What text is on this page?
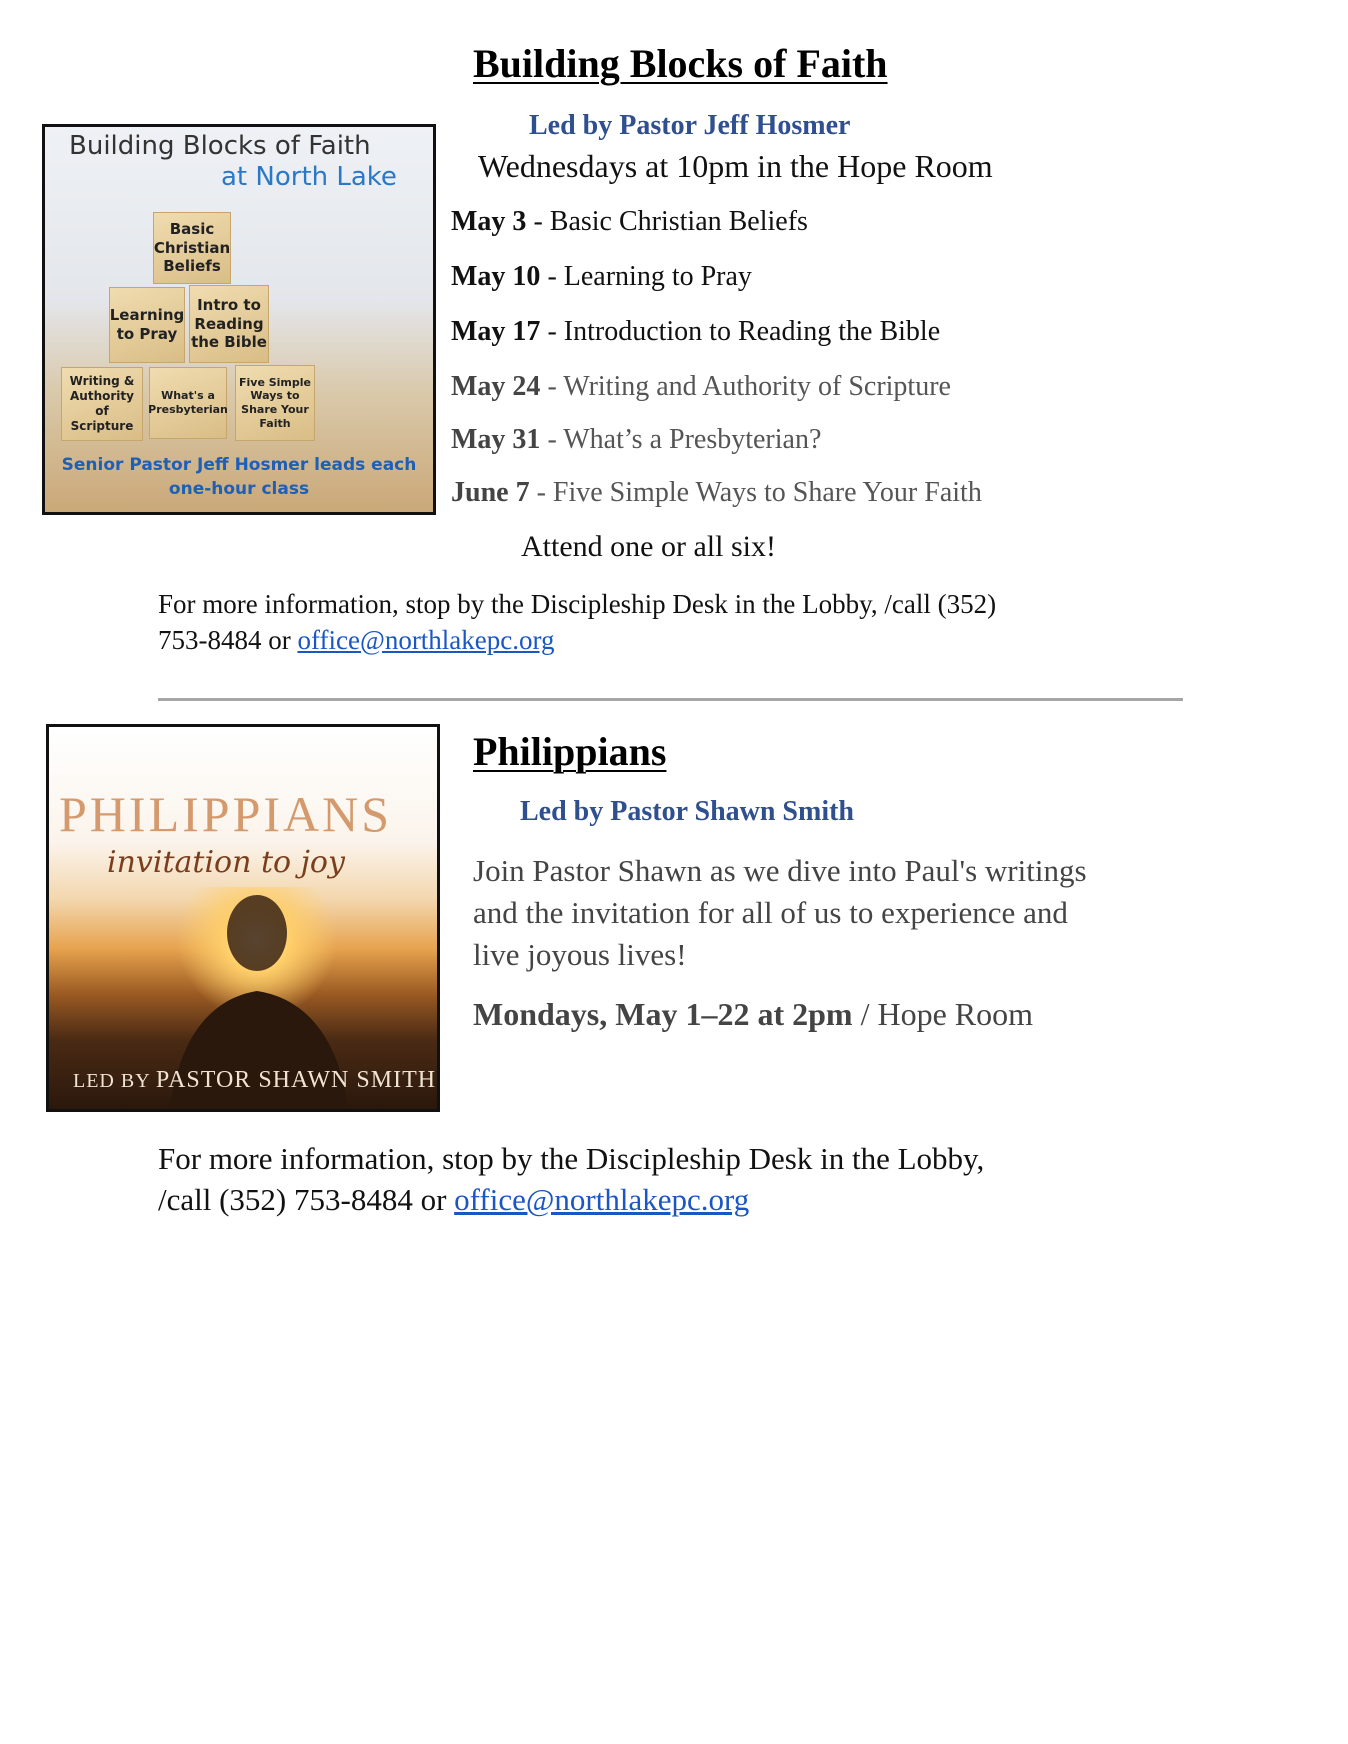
Building Blocks of Faith
Building Blocks of Faith
at North Lake
Basic Christian Beliefs
Learning to Pray
Intro to Reading the Bible
Writing & Authority of Scripture
What's a Presbyterian
Five Simple Ways to Share Your Faith
Senior Pastor Jeff Hosmer leads each
one-hour class
Led by Pastor Jeff Hosmer
Wednesdays at 10pm in the Hope Room
May 3 - Basic Christian Beliefs
May 10 - Learning to Pray
May 17 - Introduction to Reading the Bible
May 24 - Writing and Authority of Scripture
May 31 - What’s a Presbyterian?
June 7 - Five Simple Ways to Share Your Faith
Attend one or all six!
For more information, stop by the Discipleship Desk in the Lobby, /call (352)
753-8484 or office@northlakepc.org
PHILIPPIANS
invitation to joy
LED BY PASTOR SHAWN SMITH
Philippians
Led by Pastor Shawn Smith
Join Pastor Shawn as we dive into Paul's writings
and the invitation for all of us to experience and
live joyous lives!
Mondays, May 1–22 at 2pm / Hope Room
For more information, stop by the Discipleship Desk in the Lobby,
/call (352) 753-8484 or office@northlakepc.org
